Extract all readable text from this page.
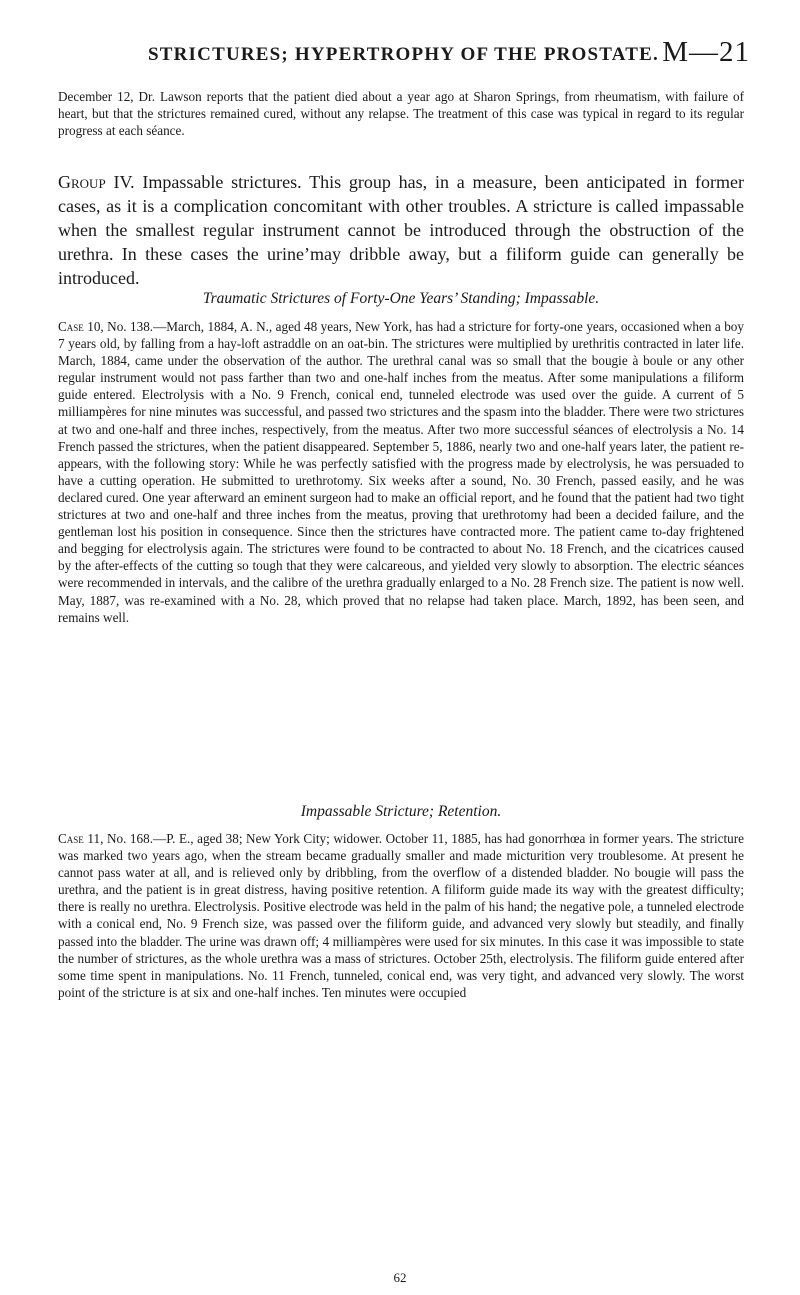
STRICTURES; HYPERTROPHY OF THE PROSTATE. M—21

December 12, Dr. Lawson reports that the patient died about a year ago at Sharon Springs, from rheumatism, with failure of heart, but that the strictures remained cured, without any relapse. The treatment of this case was typical in regard to its regular progress at each séance.

Group IV. Impassable strictures. This group has, in a measure, been anticipated in former cases, as it is a complication concomitant with other troubles. A stricture is called impassable when the smallest regular instrument cannot be introduced through the obstruction of the urethra. In these cases the urine’may dribble away, but a filiform guide can generally be introduced.

Traumatic Strictures of Forty-One Years’ Standing; Impassable.

Case 10, No. 138.—March, 1884, A. N., aged 48 years, New York, has had a stricture for forty-one years, occasioned when a boy 7 years old, by falling from a hay-loft astraddle on an oat-bin. The strictures were multiplied by urethritis contracted in later life. March, 1884, came under the observation of the author. The urethral canal was so small that the bougie à boule or any other regular instrument would not pass farther than two and one-half inches from the meatus. After some manipulations a filiform guide entered. Electrolysis with a No. 9 French, conical end, tunneled electrode was used over the guide. A current of 5 milliampères for nine minutes was successful, and passed two strictures and the spasm into the bladder. There were two strictures at two and one-half and three inches, respectively, from the meatus. After two more successful séances of electrolysis a No. 14 French passed the strictures, when the patient disappeared. September 5, 1886, nearly two and one-half years later, the patient re-appears, with the following story: While he was perfectly satisfied with the progress made by electrolysis, he was persuaded to have a cutting operation. He submitted to urethrotomy. Six weeks after a sound, No. 30 French, passed easily, and he was declared cured. One year afterward an eminent surgeon had to make an official report, and he found that the patient had two tight strictures at two and one-half and three inches from the meatus, proving that urethrotomy had been a decided failure, and the gentleman lost his position in consequence. Since then the strictures have contracted more. The patient came to-day frightened and begging for electrolysis again. The strictures were found to be contracted to about No. 18 French, and the cicatrices caused by the after-effects of the cutting so tough that they were calcareous, and yielded very slowly to absorption. The electric séances were recommended in intervals, and the calibre of the urethra gradually enlarged to a No. 28 French size. The patient is now well. May, 1887, was re-examined with a No. 28, which proved that no relapse had taken place. March, 1892, has been seen, and remains well.

Impassable Stricture; Retention.

Case 11, No. 168.—P. E., aged 38; New York City; widower. October 11, 1885, has had gonorrhœa in former years. The stricture was marked two years ago, when the stream became gradually smaller and made micturition very troublesome. At present he cannot pass water at all, and is relieved only by dribbling, from the overflow of a distended bladder. No bougie will pass the urethra, and the patient is in great distress, having positive retention. A filiform guide made its way with the greatest difficulty; there is really no urethra. Electrolysis. Positive electrode was held in the palm of his hand; the negative pole, a tunneled electrode with a conical end, No. 9 French size, was passed over the filiform guide, and advanced very slowly but steadily, and finally passed into the bladder. The urine was drawn off; 4 milliampères were used for six minutes. In this case it was impossible to state the number of strictures, as the whole urethra was a mass of strictures. October 25th, electrolysis. The filiform guide entered after some time spent in manipulations. No. 11 French, tunneled, conical end, was very tight, and advanced very slowly. The worst point of the stricture is at six and one-half inches. Ten minutes were occupied

62
